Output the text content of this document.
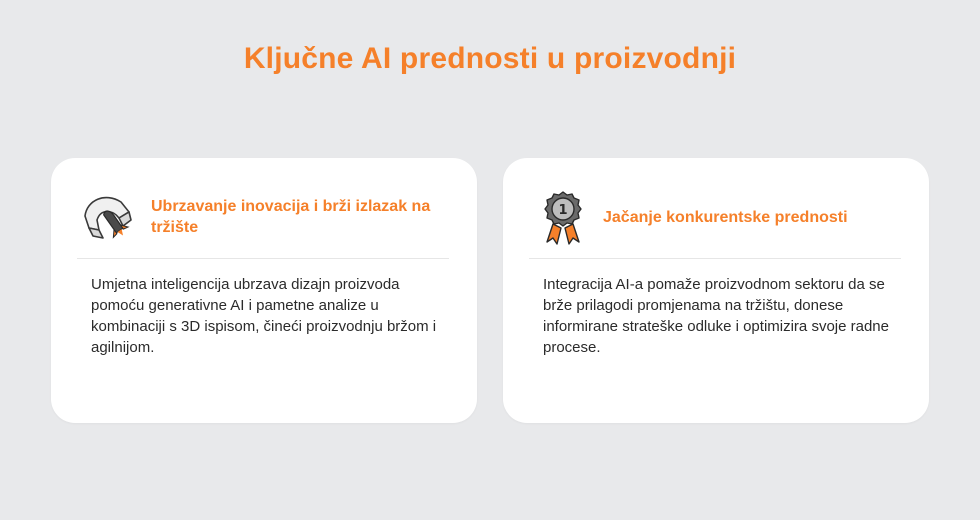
Ključne AI prednosti u proizvodnji
Ubrzavanje inovacija i brži izlazak na tržište

Umjetna inteligencija ubrzava dizajn proizvoda pomoću generativne AI i pametne analize u kombinaciji s 3D ispisom, čineći proizvodnju bržom i agilnijom.

1 Jačanje konkurentske prednosti

Integracija AI-a pomaže proizvodnom sektoru da se brže prilagodi promjenama na tržištu, donese informirane strateške odluke i optimizira svoje radne procese.
